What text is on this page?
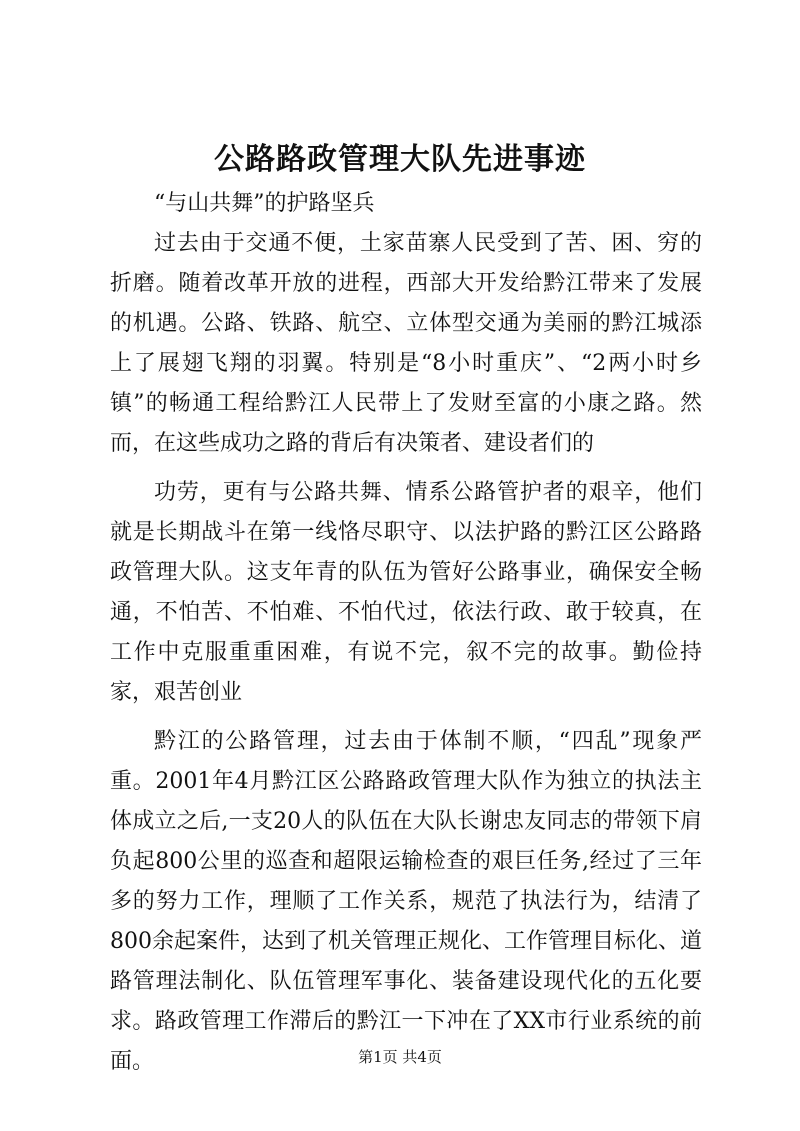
公路路政管理大队先进事迹

“与山共舞”的护路坚兵

过去由于交通不便，土家苗寨人民受到了苦、困、穷的折磨。随着改革开放的进程，西部大开发给黔江带来了发展的机遇。公路、铁路、航空、立体型交通为美丽的黔江城添上了展翅飞翔的羽翼。特别是“8小时重庆”、“2两小时乡镇”的畅通工程给黔江人民带上了发财至富的小康之路。然而，在这些成功之路的背后有决策者、建设者们的

功劳，更有与公路共舞、情系公路管护者的艰辛，他们就是长期战斗在第一线恪尽职守、以法护路的黔江区公路路政管理大队。这支年青的队伍为管好公路事业，确保安全畅通，不怕苦、不怕难、不怕代过，依法行政、敢于较真，在工作中克服重重困难，有说不完，叙不完的故事。勤俭持家，艰苦创业

黔江的公路管理，过去由于体制不顺，“四乱”现象严重。2001年4月黔江区公路路政管理大队作为独立的执法主体成立之后,一支20人的队伍在大队长谢忠友同志的带领下肩负起800公里的巡查和超限运输检查的艰巨任务,经过了三年多的努力工作，理顺了工作关系，规范了执法行为，结清了800余起案件，达到了机关管理正规化、工作管理目标化、道路管理法制化、队伍管理军事化、装备建设现代化的五化要求。路政管理工作滞后的黔江一下冲在了XX市行业系统的前面。	第1页 共4页
